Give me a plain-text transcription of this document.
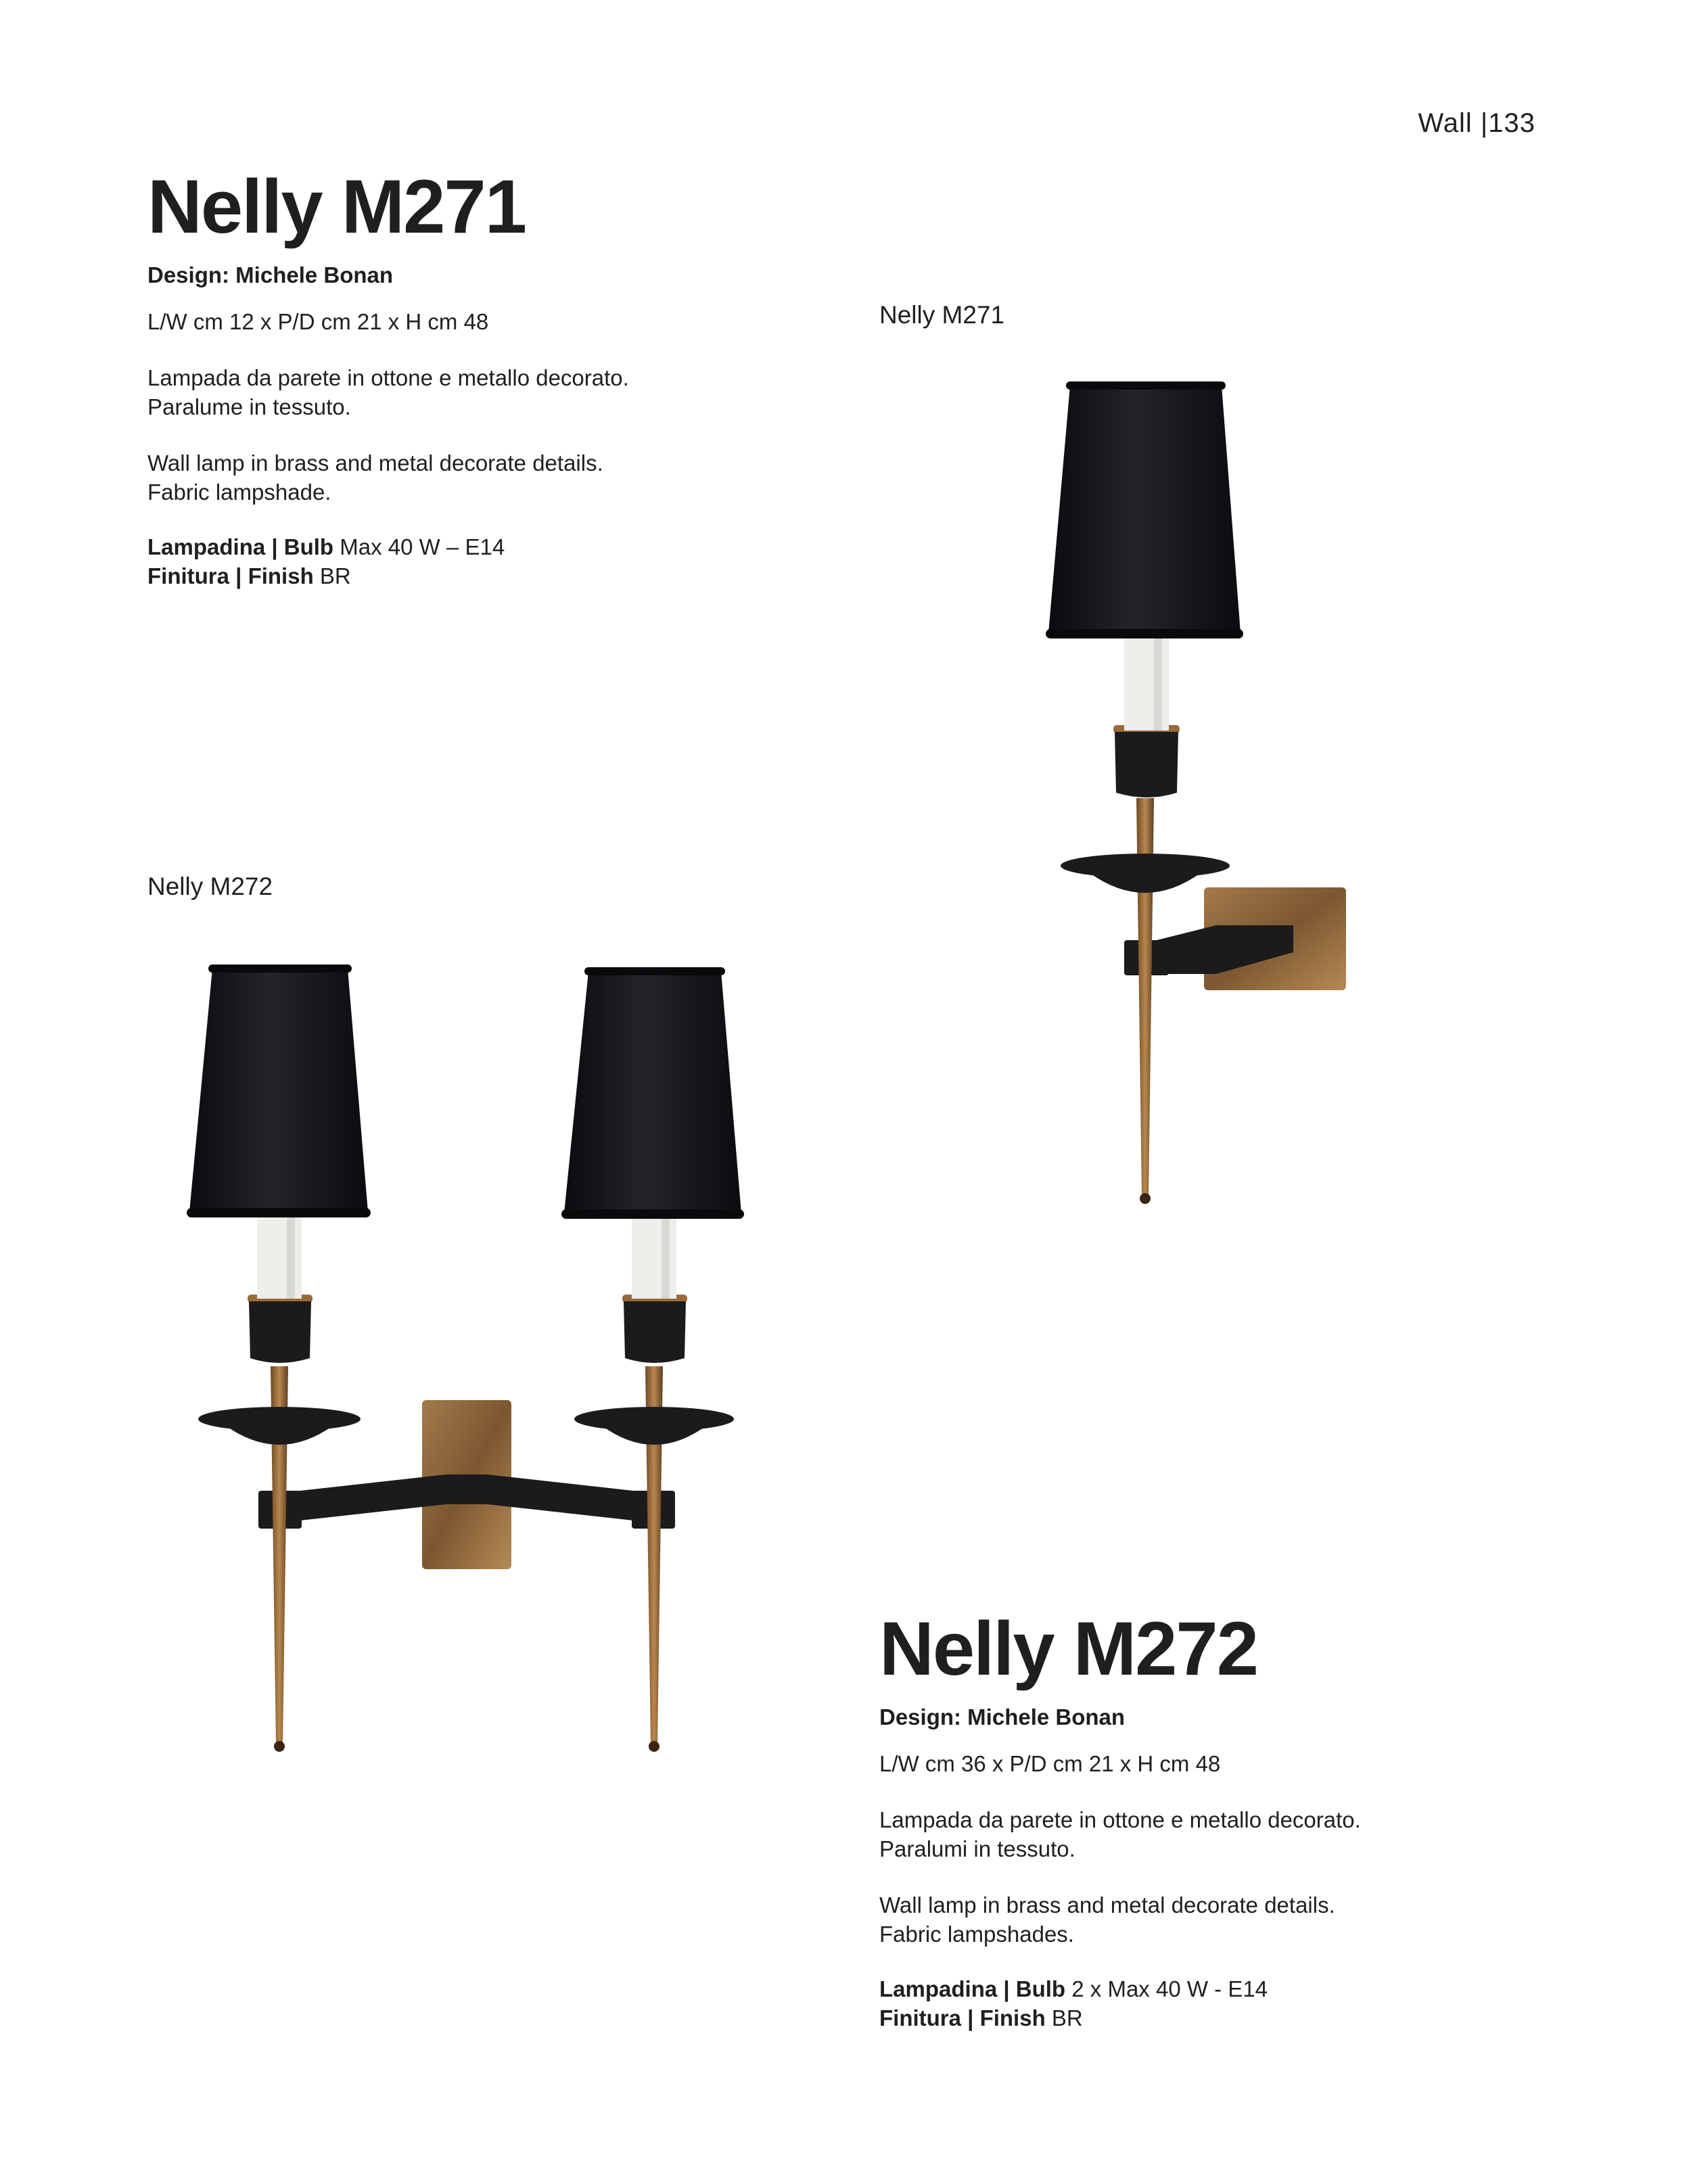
Wall |133
Nelly M271

Design: Michele Bonan

L/W cm 12 x P/D cm 21 x H cm 48

Lampada da parete in ottone e metallo decorato.

Paralume in tessuto.

Wall lamp in brass and metal decorate details.

Fabric lampshade.

Lampadina | Bulb Max 40 W – E14

Finitura | Finish BR

Nelly M271
Nelly M272
Nelly M272

Design: Michele Bonan

L/W cm 36 x P/D cm 21 x H cm 48

Lampada da parete in ottone e metallo decorato.

Paralumi in tessuto.

Wall lamp in brass and metal decorate details.

Fabric lampshades.

Lampadina | Bulb 2 x Max 40 W - E14

Finitura | Finish BR
